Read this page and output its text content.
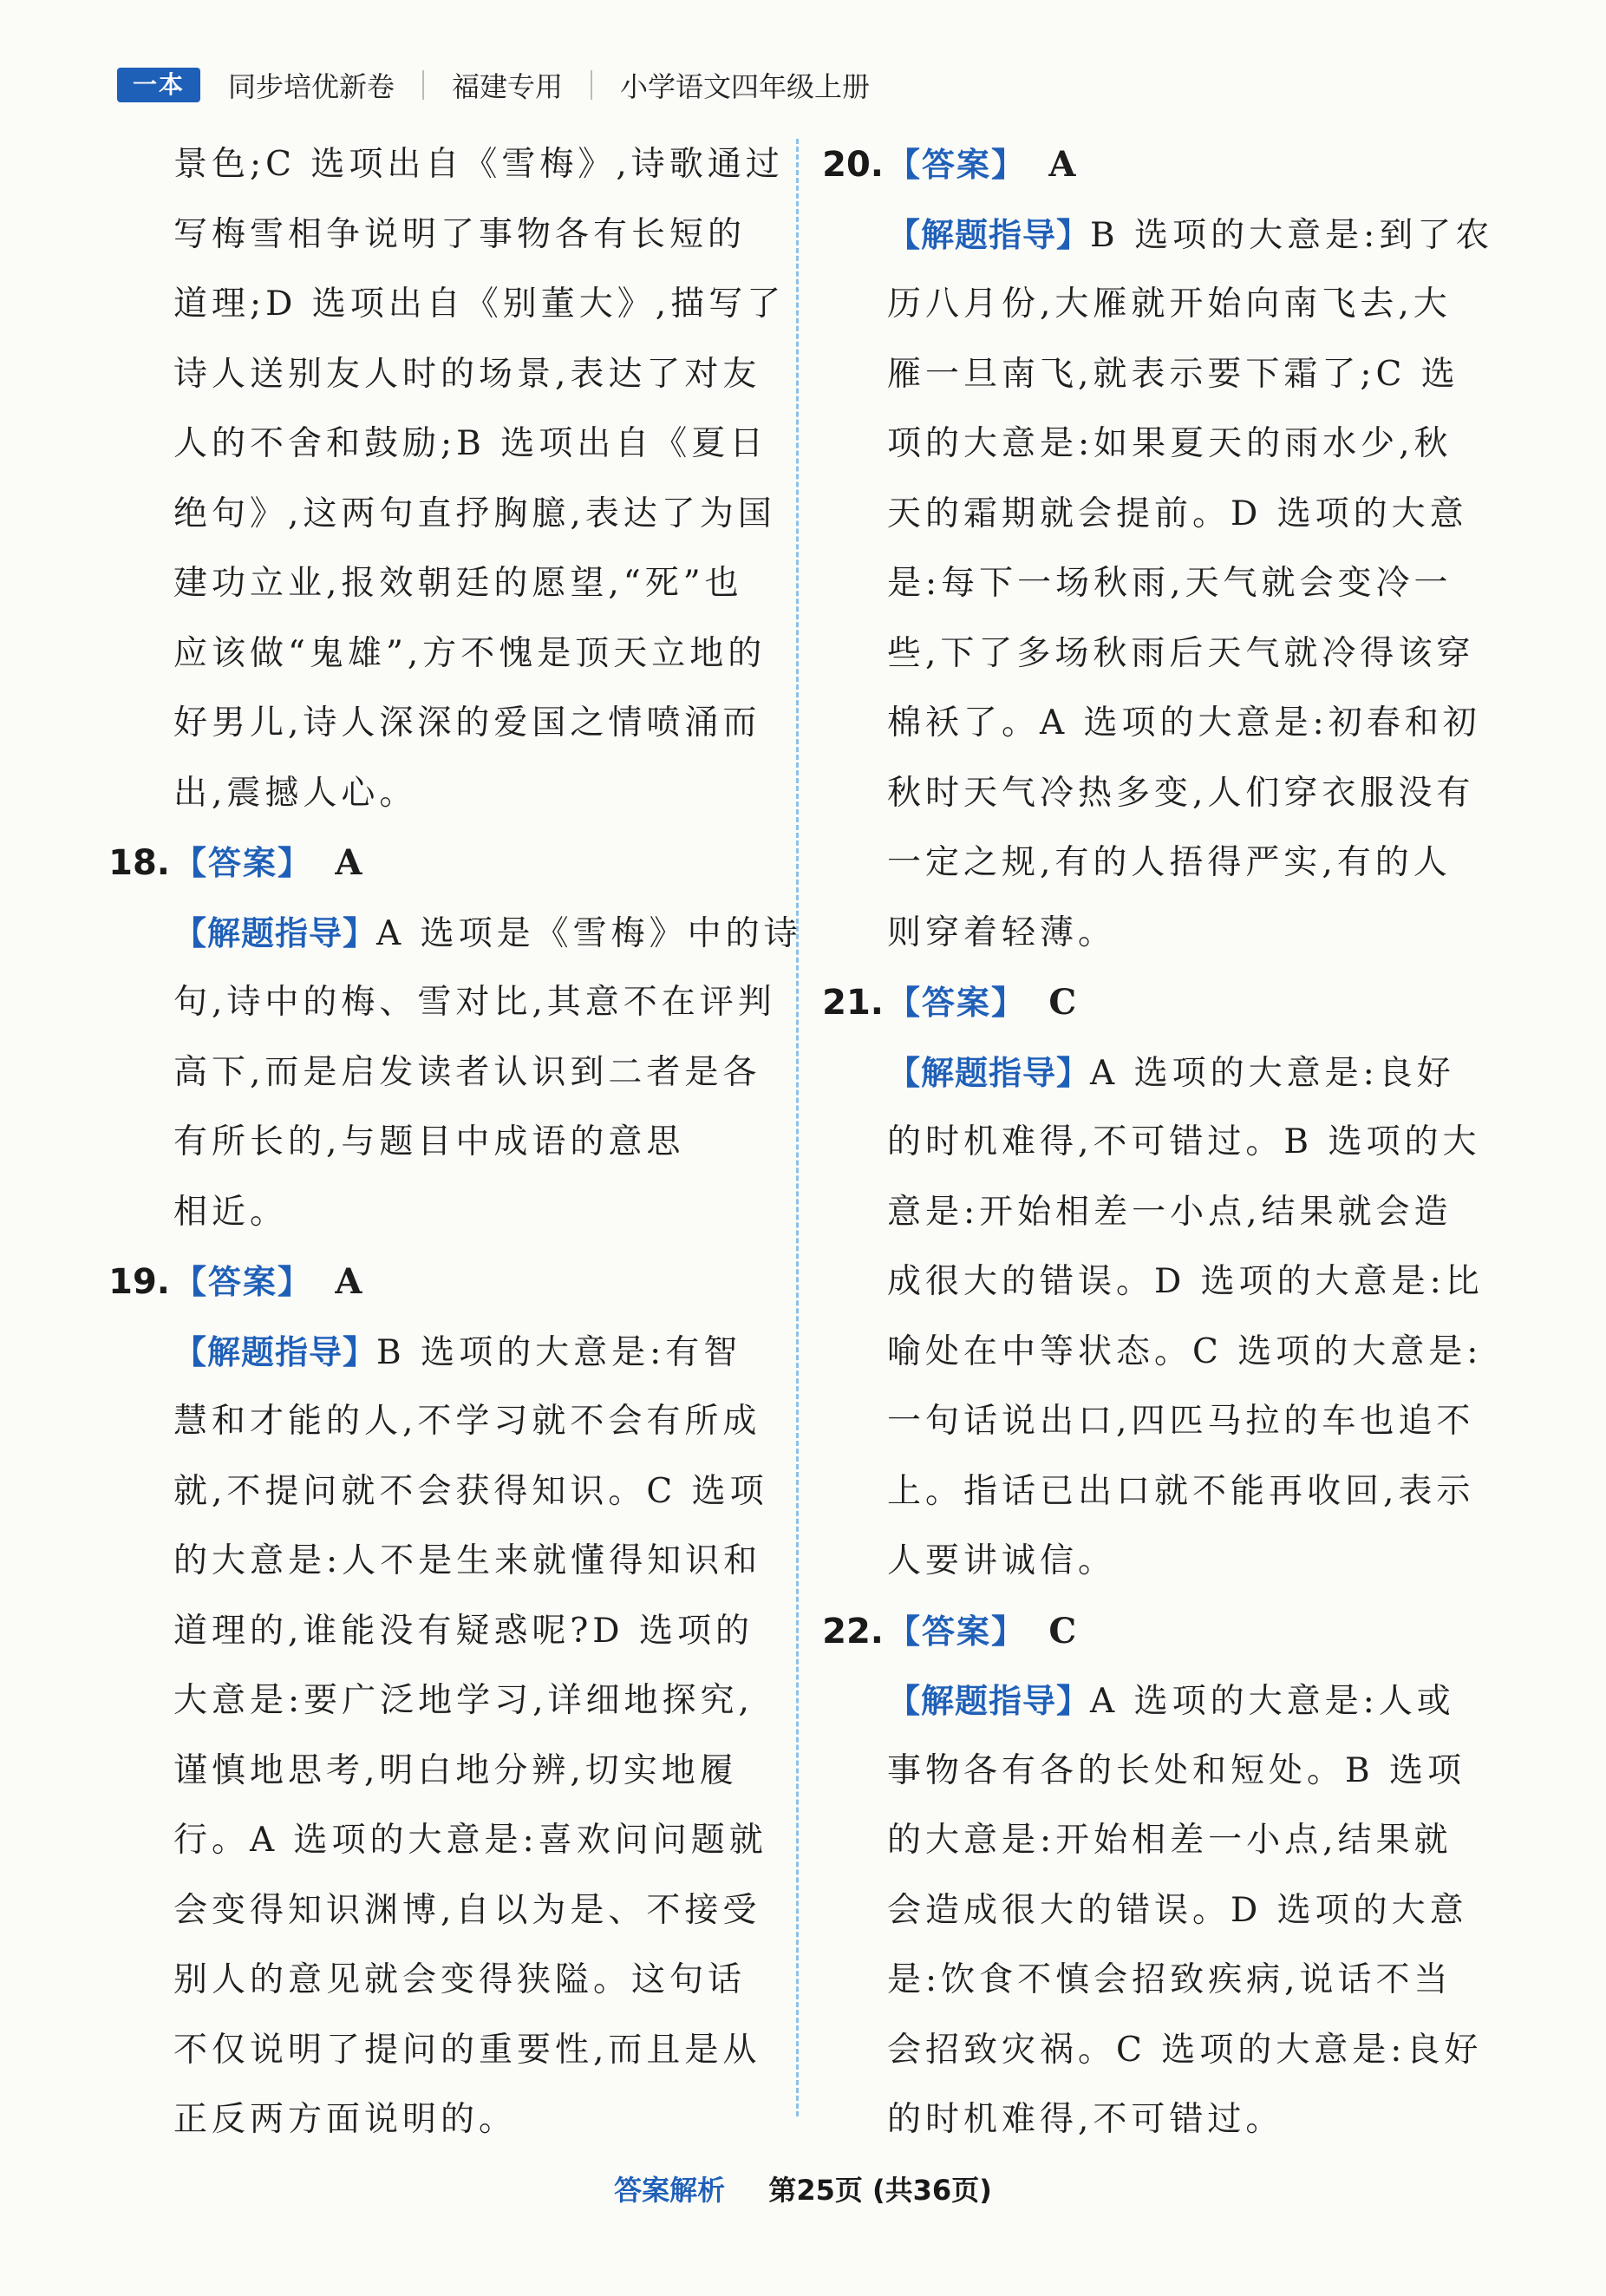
一本	同步培优新卷 福建专用 小学语文四年级上册
景色;C 选项出自《雪梅》,诗歌通过
写梅雪相争说明了事物各有长短的
道理;D 选项出自《别董大》,描写了
诗人送别友人时的场景,表达了对友
人的不舍和鼓励;B 选项出自《夏日
绝句》,这两句直抒胸臆,表达了为国
建功立业,报效朝廷的愿望,“死”也
应该做“鬼雄”,方不愧是顶天立地的
好男儿,诗人深深的爱国之情喷涌而
出,震撼人心。
18. 【答案】 A
【解题指导】A 选项是《雪梅》中的诗
句,诗中的梅、雪对比,其意不在评判
高下,而是启发读者认识到二者是各
有所长的,与题目中成语的意思
相近。
19. 【答案】 A
【解题指导】B 选项的大意是:有智
慧和才能的人,不学习就不会有所成
就,不提问就不会获得知识。C 选项
的大意是:人不是生来就懂得知识和
道理的,谁能没有疑惑呢?D 选项的
大意是:要广泛地学习,详细地探究,
谨慎地思考,明白地分辨,切实地履
行。A 选项的大意是:喜欢问问题就
会变得知识渊博,自以为是、不接受
别人的意见就会变得狭隘。这句话
不仅说明了提问的重要性,而且是从
正反两方面说明的。
20. 【答案】 A
【解题指导】B 选项的大意是:到了农
历八月份,大雁就开始向南飞去,大
雁一旦南飞,就表示要下霜了;C 选
项的大意是:如果夏天的雨水少,秋
天的霜期就会提前。D 选项的大意
是:每下一场秋雨,天气就会变冷一
些,下了多场秋雨后天气就冷得该穿
棉袄了。A 选项的大意是:初春和初
秋时天气冷热多变,人们穿衣服没有
一定之规,有的人捂得严实,有的人
则穿着轻薄。
21. 【答案】 C
【解题指导】A 选项的大意是:良好
的时机难得,不可错过。B 选项的大
意是:开始相差一小点,结果就会造
成很大的错误。D 选项的大意是:比
喻处在中等状态。C 选项的大意是:
一句话说出口,四匹马拉的车也追不
上。指话已出口就不能再收回,表示
人要讲诚信。
22. 【答案】 C
【解题指导】A 选项的大意是:人或
事物各有各的长处和短处。B 选项
的大意是:开始相差一小点,结果就
会造成很大的错误。D 选项的大意
是:饮食不慎会招致疾病,说话不当
会招致灾祸。C 选项的大意是:良好
的时机难得,不可错过。
答案解析 第25页 (共36页)
